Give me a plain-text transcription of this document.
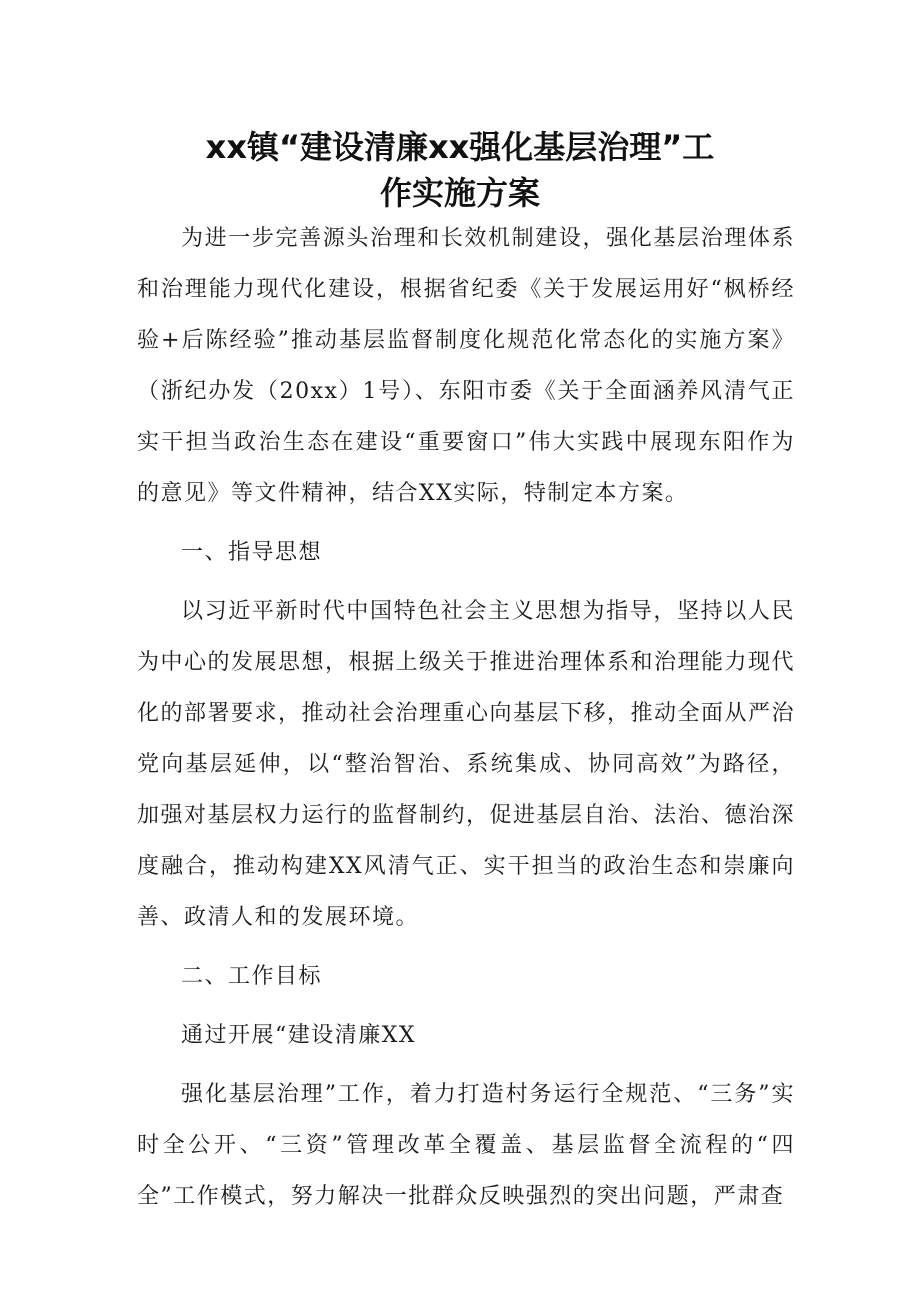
xx镇“建设清廉xx强化基层治理”工
作实施方案

为进一步完善源头治理和长效机制建设，强化基层治理体系和治理能力现代化建设，根据省纪委《关于发展运用好“枫桥经验+后陈经验”推动基层监督制度化规范化常态化的实施方案》（浙纪办发（20xx）1号）、东阳市委《关于全面涵养风清气正实干担当政治生态在建设“重要窗口”伟大实践中展现东阳作为的意见》等文件精神，结合XX实际，特制定本方案。

一、指导思想

以习近平新时代中国特色社会主义思想为指导，坚持以人民为中心的发展思想，根据上级关于推进治理体系和治理能力现代化的部署要求，推动社会治理重心向基层下移，推动全面从严治党向基层延伸，以“整治智治、系统集成、协同高效”为路径，加强对基层权力运行的监督制约，促进基层自治、法治、德治深度融合，推动构建XX风清气正、实干担当的政治生态和崇廉向善、政清人和的发展环境。

二、工作目标

通过开展“建设清廉XX

强化基层治理”工作，着力打造村务运行全规范、“三务”实时全公开、“三资”管理改革全覆盖、基层监督全流程的“四全”工作模式，努力解决一批群众反映强烈的突出问题，严肃查
